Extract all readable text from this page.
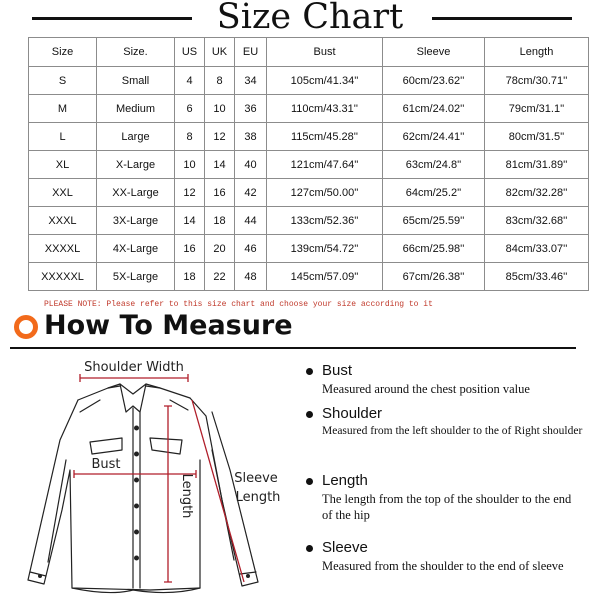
Size Chart
Size	Size.	US	UK	EU	Bust	Sleeve	Length
S	Small	4	8	34	105cm/41.34''	60cm/23.62''	78cm/30.71''
M	Medium	6	10	36	110cm/43.31''	61cm/24.02''	79cm/31.1''
L	Large	8	12	38	115cm/45.28''	62cm/24.41''	80cm/31.5''
XL	X-Large	10	14	40	121cm/47.64''	63cm/24.8''	81cm/31.89''
XXL	XX-Large	12	16	42	127cm/50.00''	64cm/25.2''	82cm/32.28''
XXXL	3X-Large	14	18	44	133cm/52.36''	65cm/25.59''	83cm/32.68''
XXXXL	4X-Large	16	20	46	139cm/54.72''	66cm/25.98''	84cm/33.07''
XXXXXL	5X-Large	18	22	48	145cm/57.09''	67cm/26.38''	85cm/33.46''
PLEASE NOTE: Please refer to this size chart and choose your size according to it
How To Measure
Shoulder Width
Bust
Sleeve
Length
Length
Bust
Measured around the chest position value
Shoulder
Measured from the left shoulder to the of Right shoulder
Length
The length from the top of the shoulder to the end of the hip
Sleeve
Measured from the shoulder to the end of sleeve
